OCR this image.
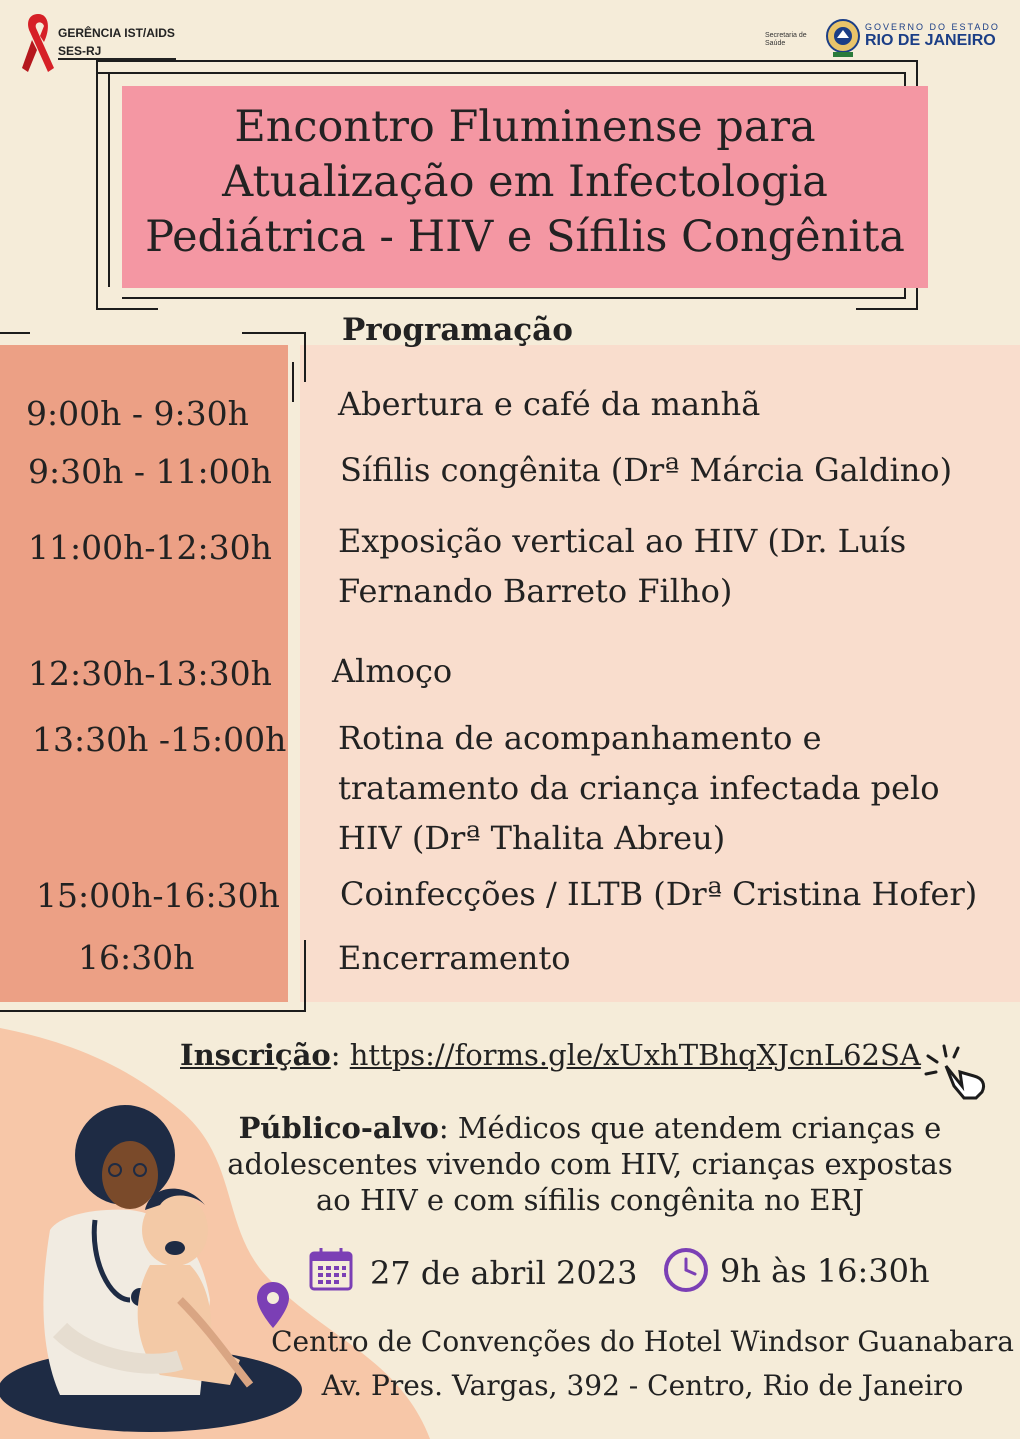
GERÊNCIA IST/AIDS
SES-RJ
Secretaria de
Saúde
GOVERNO DO ESTADO
RIO DE JANEIRO
Encontro Fluminense para
Atualização em Infectologia
Pediátrica - HIV e Sífilis Congênita
Programação
9:00h - 9:30h
9:30h - 11:00h
11:00h-12:30h
12:30h-13:30h
13:30h -15:00h
15:00h-16:30h
16:30h
Abertura e café da manhã
Sífilis congênita (Drª Márcia Galdino)
Exposição vertical ao HIV (Dr. Luís Fernando Barreto Filho)
Almoço
Rotina de acompanhamento e tratamento da criança infectada pelo HIV (Drª Thalita Abreu)
Coinfecções / ILTB (Drª Cristina Hofer)
Encerramento
Inscrição: https://forms.gle/xUxhTBhqXJcnL62SA
Público-alvo: Médicos que atendem crianças e adolescentes vivendo com HIV, crianças expostas ao HIV e com sífilis congênita no ERJ
27 de abril 2023	9h às 16:30h
Centro de Convenções do Hotel Windsor Guanabara
Av. Pres. Vargas, 392 - Centro, Rio de Janeiro
